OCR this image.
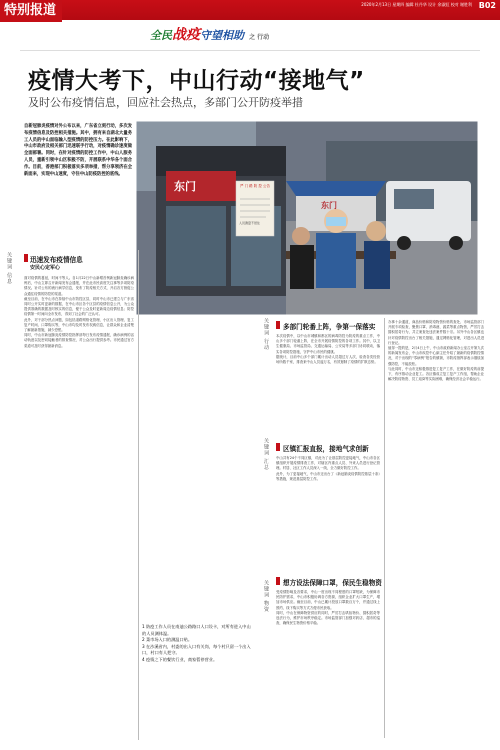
特别报道	2020年2月13日 星期四 编辑 杜丹华 设计 余淑虹 校对 谢胜利 B02
全民战疫守望相助 之 行动
疫情大考下，中山行动“接地气”
及时公布疫情信息，回应社会热点，多部门公开防疫举措
自新冠肺炎疫情对外公布以来，广东省立刻行动，多次发布疫情信息及防控相关措施。其中，拥有来自湖北大量务工人员的中山面临输入型疫情的防控压力。在此影响下，中山市政府及相关部门迅速联手行动，对疫情确诊速度做全面部署。同时，在针对疫情的防控工作中，中山人服务人员，重新引领中山区积极不防，开展联系中华各个面合作。目前，香港部门积极落实多项举措，帮分享领济在全新面来，实现中山速度，守住中山防疫防控的底线。
东门	严 门 路 防 控 公告
人员测量不居住
东门
关键词 信息	迅速发布疫情信息
安民心定军心

面对疫情的蔓延，时间不等人。自1月22日中山新增首例新冠肺炎确诊病例后，中山立即召开新闻发布会通报，并在此市民高度关注事等多项防疫情况。针对公布的流行病学信息，发布了防疫相关方式，开启各方督促公众通往疫情的防控的渠道。

截至目前，在中山市在持续中山市防控区县，同时中山市已建立与广东省同时公开实时更新的数据，在中山市区各个区县的疫情信息公开，为公众提供准确的数据及时核实的信息，便于公众及时更新周边疫情信息；防控疫情第一时间向全市发布，得到了社会的广泛认可。

此外，对于部分热点问题，如包括道路网格化管理、小区出入管理、复工复产时间、口罩购买等，中山市均及时发布权威信息，让群众和企业清楚了解最新措施，减少恐慌。

同时，中山市新冠肺炎疫情防控指挥部每日发布疫情通报，确诊病例的活动轨迹以及密切接触者的排查情况，对公众出行提供参考。市民通过官方渠道可及时获得最新消息。

1 防疫工作人员在南迪公路路口人口设卡，对所有进入中山的人员测体温。

2 菜市场入口的测温口贴。

3 在沙溪省内，村委的出入口有关岗，每个村只留一个出入口，村口有人把守。

4 疫情之下的餐饮行业，商家暂停营业。

关键词 行动 多部门轮番上阵，争第一保落实

本次疫情中，以中山市城镇和都区的病毒防控为防疫的重点工作，中山多个部门轮番上阵，在全市开展疫情防控的各项工作。其中，以卫生健康局、市场监管局、交通运输局、公安局等多部门协同联动，落实各项防控措施，守护中山市民的健康。

据统计，目前中山多个部门累计出动人员超过万人次，检查各类经营场所数千家，排查来中山人员逾万名，有效遏制了疫情的扩散态势。

关键词 汇总 区镇汇报直报，接地气求创新

中山共有24个不同区镇，对此为了让基层防控更接地气，中山市各区镇组织开展疫情排查工作，对辖区内重点人员、外来人员进行登记管理。村居、社区工作人员深入一线，全力做好防控工作。

此外，为了更接地气，中山市还出台了《新冠肺炎疫情防控基层十条》等措施，规范基层防控工作。

关键词 物资 想方设法保障口罩，保民生稳物资

受疫情影响及各要求，中山一度出现不同程度的口罩短缺，为保障市民防护需求，中山市积极协调各方资源，组织企业扩大口罩生产，增加市场供应。截至目前，中山已累计投放口罩数百万个，并通过线上预约、线下购买等方式方便市民获取。

同时，中山在保障物资供应的同时，严厉打击哄抬物价、囤积居奇等违法行为，维护市场秩序稳定。市场监管部门加强对药店、超市的巡查，确保民生物资价格平稳。

办事十余通道，商品价格和防疫物资价格的查处、市场监管部门开展专项检查，聚焦口罩、消毒液、蔬菜等重点物资，严厉打击囤积居奇行为，共立案查处违法案件数十宗。另外中山各区镇也针对疫情防控出台了相关措施，通过网格化管理，对进出人员进行登记。

值得一提的是，2月4日上午，中山市政府新闻办公室召开第九次的新闻发布会，中山市疾控中心副主任介绍了最新的疫情防控情况，对于出现的“零病例”报告的镇街，市防疫指挥部表示继续加强防控，不能放松。

与此同时，中山市还积极推进复工复产工作，在做好防疫的前提下，有序推动企业复工。各区镇成立复工复产工作组，帮助企业解决防疫物资、员工返岗等实际困难，确保经济社会平稳运行。
